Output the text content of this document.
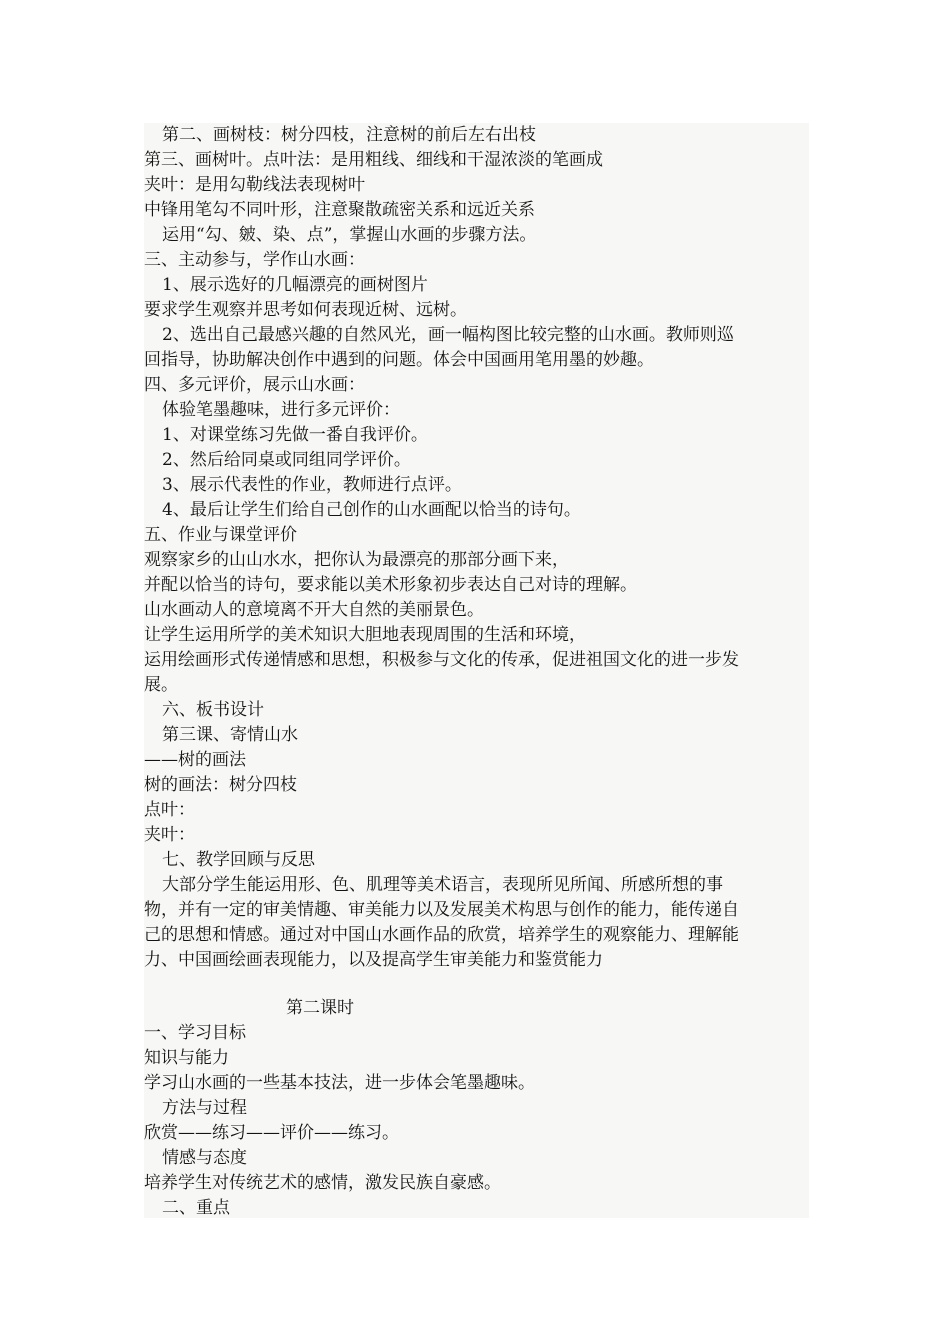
第二、画树枝：树分四枝，注意树的前后左右出枝
第三、画树叶。点叶法：是用粗线、细线和干湿浓淡的笔画成
夹叶：是用勾勒线法表现树叶
中锋用笔勾不同叶形，注意聚散疏密关系和远近关系
运用“勾、皴、染、点”，掌握山水画的步骤方法。
三、主动参与，学作山水画：
1、展示选好的几幅漂亮的画树图片
要求学生观察并思考如何表现近树、远树。
2、选出自己最感兴趣的自然风光，画一幅构图比较完整的山水画。教师则巡
回指导，协助解决创作中遇到的问题。体会中国画用笔用墨的妙趣。
四、多元评价，展示山水画：
体验笔墨趣味，进行多元评价：
1、对课堂练习先做一番自我评价。
2、然后给同桌或同组同学评价。
3、展示代表性的作业，教师进行点评。
4、最后让学生们给自己创作的山水画配以恰当的诗句。
五、作业与课堂评价
观察家乡的山山水水，把你认为最漂亮的那部分画下来，
并配以恰当的诗句，要求能以美术形象初步表达自己对诗的理解。
山水画动人的意境离不开大自然的美丽景色。
让学生运用所学的美术知识大胆地表现周围的生活和环境，
运用绘画形式传递情感和思想，积极参与文化的传承，促进祖国文化的进一步发
展。
六、板书设计
第三课、寄情山水
——树的画法
树的画法：树分四枝
点叶：
夹叶：
七、教学回顾与反思
大部分学生能运用形、色、肌理等美术语言，表现所见所闻、所感所想的事
物，并有一定的审美情趣、审美能力以及发展美术构思与创作的能力，能传递自
己的思想和情感。通过对中国山水画作品的欣赏，培养学生的观察能力、理解能
力、中国画绘画表现能力，以及提高学生审美能力和鉴赏能力
第二课时
一、学习目标
知识与能力
学习山水画的一些基本技法，进一步体会笔墨趣味。
方法与过程
欣赏——练习——评价——练习。
情感与态度
培养学生对传统艺术的感情，激发民族自豪感。
二、重点
